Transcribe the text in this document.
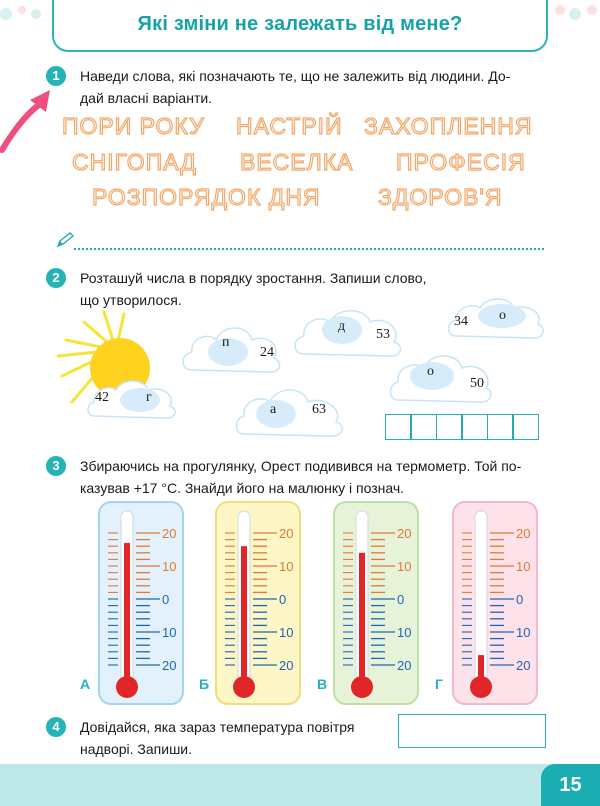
Які зміни не залежать від мене?
1	Наведи слова, які позначають те, що не залежить від людини. До-
дай власні варіанти.
ПОРИ РОКУ НАСТРІЙ ЗАХОПЛЕННЯ
СНІГОПАД ВЕСЕЛКА ПРОФЕСІЯ
РОЗПОРЯДОК ДНЯ ЗДОРОВ'Я
2	Розташуй числа в порядку зростання. Запиши слово,
що утворилося.
п
24
д
53
34 о
о
50
42	г
а	63
3	Збираючись на прогулянку, Орест подивився на термометр. Той по-
казував +17 °С. Знайди його на малюнку і познач.
20
10
0
10
20
20
10
0
10
20
20
10
0
10
20
20
10
0
10
20
А	Б	В	Г
4	Довідайся, яка зараз температура повітря
надворі. Запиши.
15
